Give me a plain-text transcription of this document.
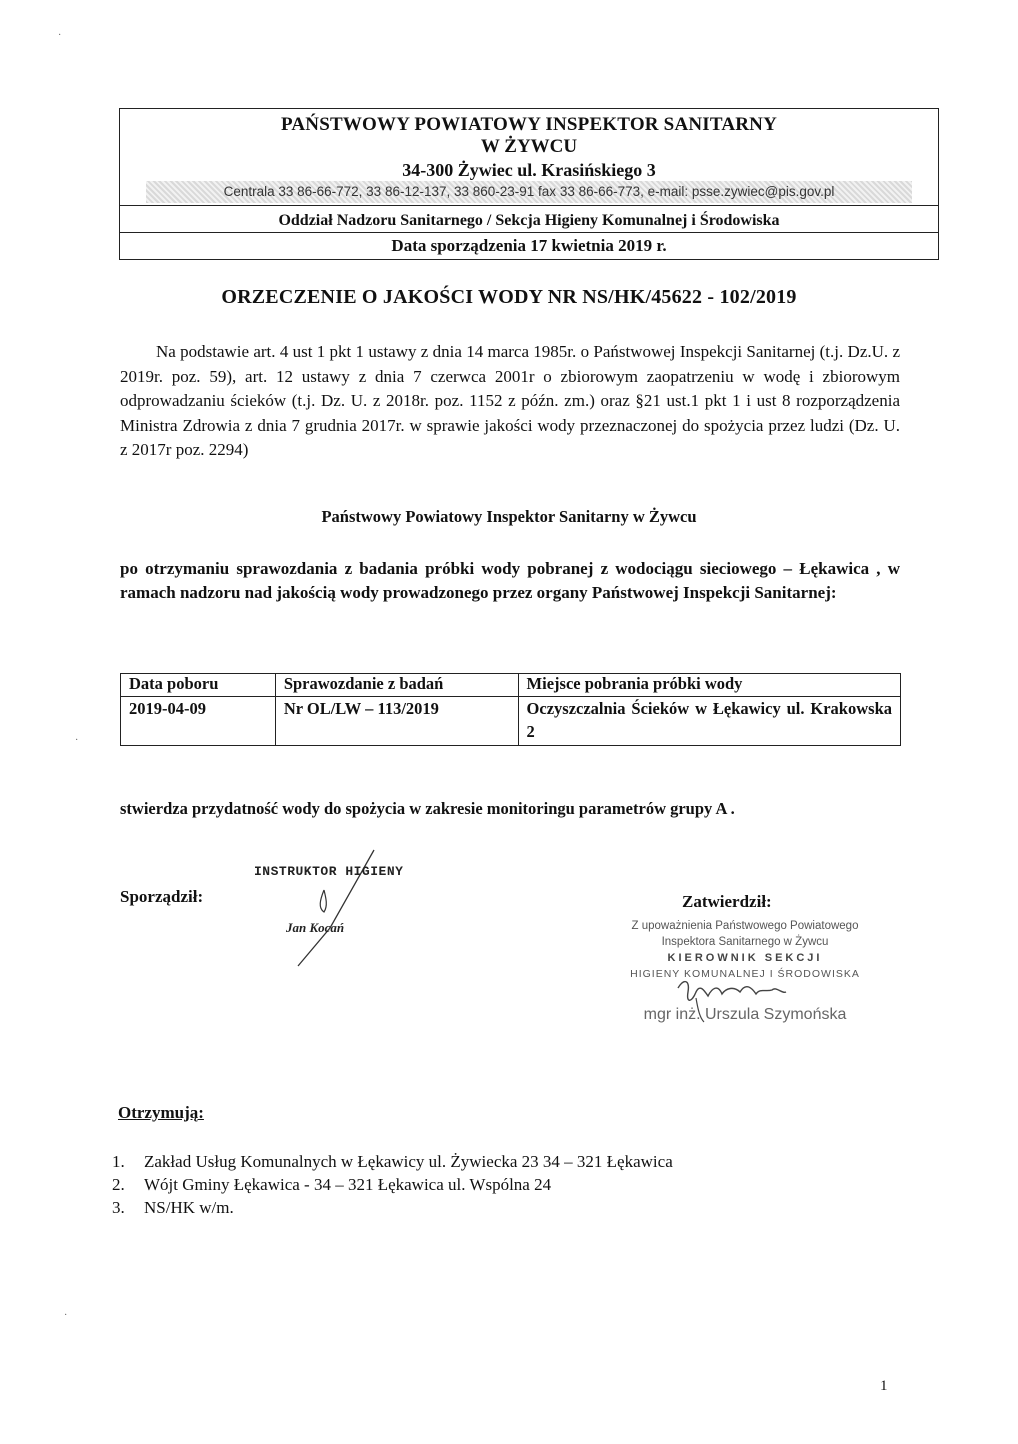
PAŃSTWOWY POWIATOWY INSPEKTOR SANITARNY
W ŻYWCU
34-300 Żywiec ul. Krasińskiego 3
Centrala 33 86-66-772, 33 86-12-137, 33 860-23-91 fax 33 86-66-773, e-mail: psse.zywiec@pis.gov.pl
Oddział Nadzoru Sanitarnego / Sekcja Higieny Komunalnej i Środowiska
Data sporządzenia 17 kwietnia 2019 r.
ORZECZENIE O JAKOŚCI WODY NR NS/HK/45622 - 102/2019
Na podstawie art. 4 ust 1 pkt 1 ustawy z dnia 14 marca 1985r. o Państwowej Inspekcji Sanitarnej (t.j. Dz.U. z 2019r. poz. 59), art. 12 ustawy z dnia 7 czerwca 2001r o zbiorowym zaopatrzeniu w wodę i zbiorowym odprowadzaniu ścieków (t.j. Dz. U. z 2018r. poz. 1152 z późn. zm.) oraz §21 ust.1 pkt 1 i ust 8 rozporządzenia Ministra Zdrowia z dnia 7 grudnia 2017r. w sprawie jakości wody przeznaczonej do spożycia przez ludzi (Dz. U. z 2017r poz. 2294)
Państwowy Powiatowy Inspektor Sanitarny w Żywcu
po otrzymaniu sprawozdania z badania próbki wody pobranej z wodociągu sieciowego – Łękawica , w ramach nadzoru nad jakością wody prowadzonego przez organy Państwowej Inspekcji Sanitarnej:
Data poboru	Sprawozdanie z badań	Miejsce pobrania próbki wody
2019-04-09	Nr OL/LW – 113/2019	Oczyszczalnia Ścieków w Łękawicy ul. Krakowska 2
stwierdza przydatność wody do spożycia w zakresie monitoringu parametrów grupy A .
Sporządził:
INSTRUKTOR HIGIENY
Jan Kocań
Zatwierdził:
Z upoważnienia Państwowego Powiatowego
Inspektora Sanitarnego w Żywcu
KIEROWNIK SEKCJI
HIGIENY KOMUNALNEJ I ŚRODOWISKA
mgr inż. Urszula Szymońska
Otrzymują:
1. Zakład Usług Komunalnych w Łękawicy ul. Żywiecka 23 34 – 321 Łękawica
2. Wójt Gminy Łękawica - 34 – 321 Łękawica ul. Wspólna 24
3. NS/HK w/m.
1
·
·
·
